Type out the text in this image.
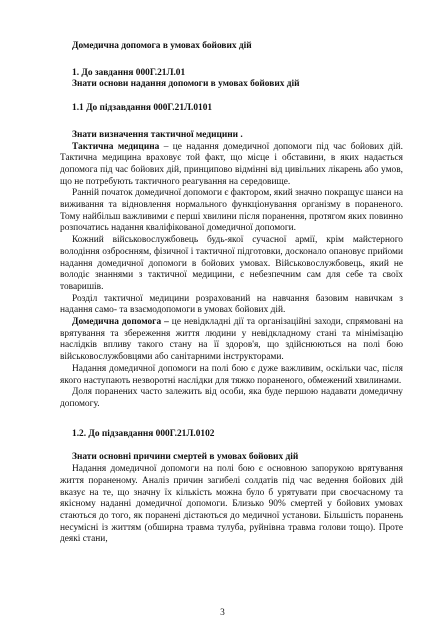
Домедична допомога в умовах бойових дій

1. До завдання 000Г.21Л.01

Знати основи надання допомоги в умовах бойових дій

1.1 До підзавдання 000Г.21Л.0101

Знати визначення тактичної медицини .

Тактична медицина – це надання домедичної допомоги під час бойових дій. Тактична медицина враховує той факт, що місце і обставини, в яких надається допомога під час бойових дій, принципово відмінні від цивільних лікарень або умов, що не потребують тактичного реагування на середовище.

Ранній початок домедичної допомоги є фактором, який значно покращує шанси на виживання та відновлення нормального функціонування організму в пораненого. Тому найбільш важливими є перші хвилини після поранення, протягом яких повинно розпочатись надання кваліфікованої домедичної допомоги.

Кожний військовослужбовець будь-якої сучасної армії, крім майстерного володіння озброєнням, фізичної і тактичної підготовки, досконало опановує прийоми надання домедичної допомоги в бойових умовах. Військовослужбовець, який не володіє знаннями з тактичної медицини, є небезпечним сам для себе та своїх товаришів.

Розділ тактичної медицини розрахований на навчання базовим навичкам з надання само- та взаємодопомоги в умовах бойових дій.

Домедична допомога – це невідкладні дії та організаційні заходи, спрямовані на врятування та збереження життя людини у невідкладному стані та мінімізацію наслідків впливу такого стану на її здоров'я, що здійснюються на полі бою військовослужбовцями або санітарними інструкторами.

Надання домедичної допомоги на полі бою є дуже важливим, оскільки час, після якого наступають незворотні наслідки для тяжко пораненого, обмежений хвилинами.

Доля поранених часто залежить від особи, яка буде першою надавати домедичну допомогу.

1.2. До підзавдання 000Г.21Л.0102

Знати основні причини смертей в умовах бойових дій

Надання домедичної допомоги на полі бою є основною запорукою врятування життя пораненому. Аналіз причин загибелі солдатів під час ведення бойових дій вказує на те, що значну їх кількість можна було б урятувати при своєчасному та якісному наданні домедичної допомоги. Близько 90% смертей у бойових умовах стаються до того, як поранені дістаються до медичної установи. Більшість поранень несумісні із життям (обширна травма тулуба, руйнівна травма голови тощо). Проте деякі стани,

3
